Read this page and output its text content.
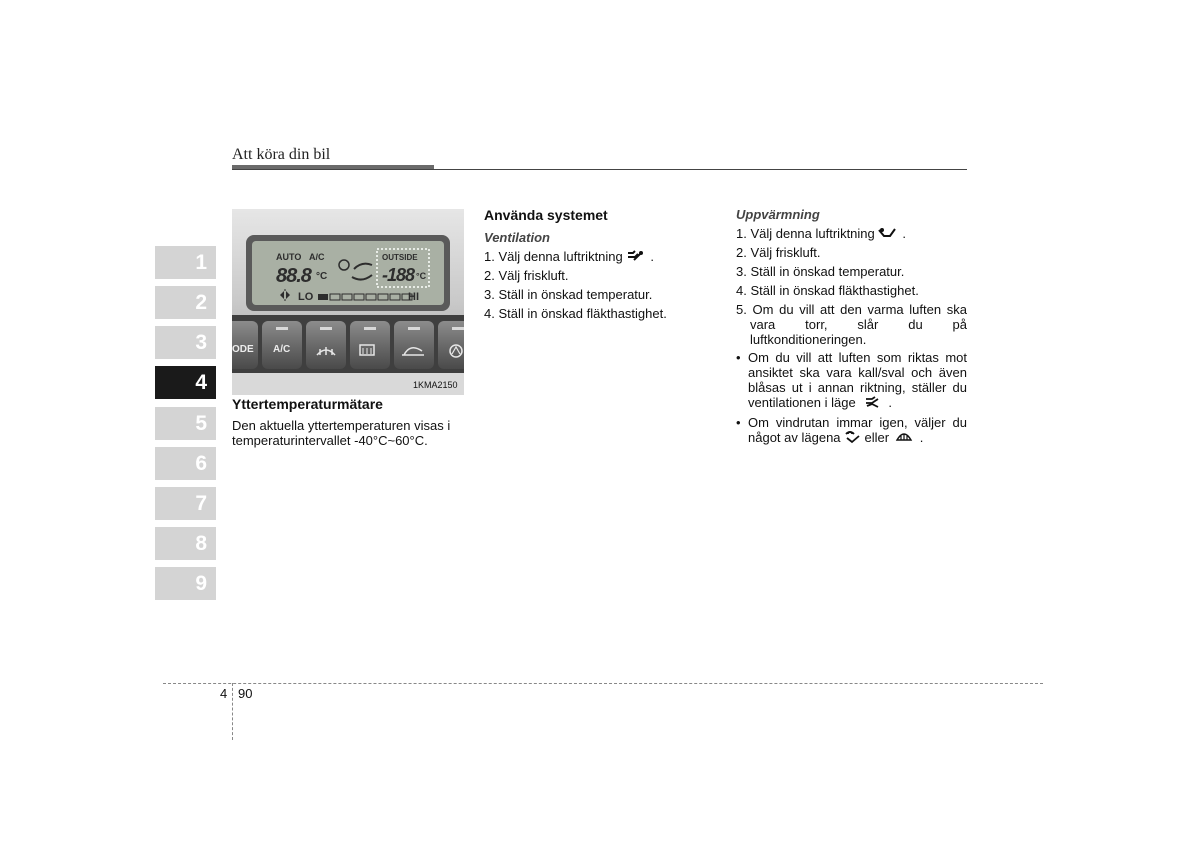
Att köra din bil
1
2
3
4
5
6
7
8
9
AUTO A/C	OUTSIDE
88.8 °C	-188 °C
LO	HI
ODE A/C
1KMA2150
Yttertemperaturmätare
Den aktuella yttertemperaturen visas i temperaturintervallet -40°C~60°C.
Använda systemet
Ventilation
1. Välj denna luftriktning .
2. Välj friskluft.
3. Ställ in önskad temperatur.
4. Ställ in önskad fläkthastighet.
Uppvärmning
1. Välj denna luftriktning .
2. Välj friskluft.
3. Ställ in önskad temperatur.
4. Ställ in önskad fläkthastighet.
5. Om du vill att den varma luften ska vara torr, slår du på luftkonditioneringen.
• Om du vill att luften som riktas mot ansiktet ska vara kall/sval och även blåsas ut i annan riktning, ställer du ventilationen i läge .
• Om vindrutan immar igen, väljer du något av lägena eller .
4 90
